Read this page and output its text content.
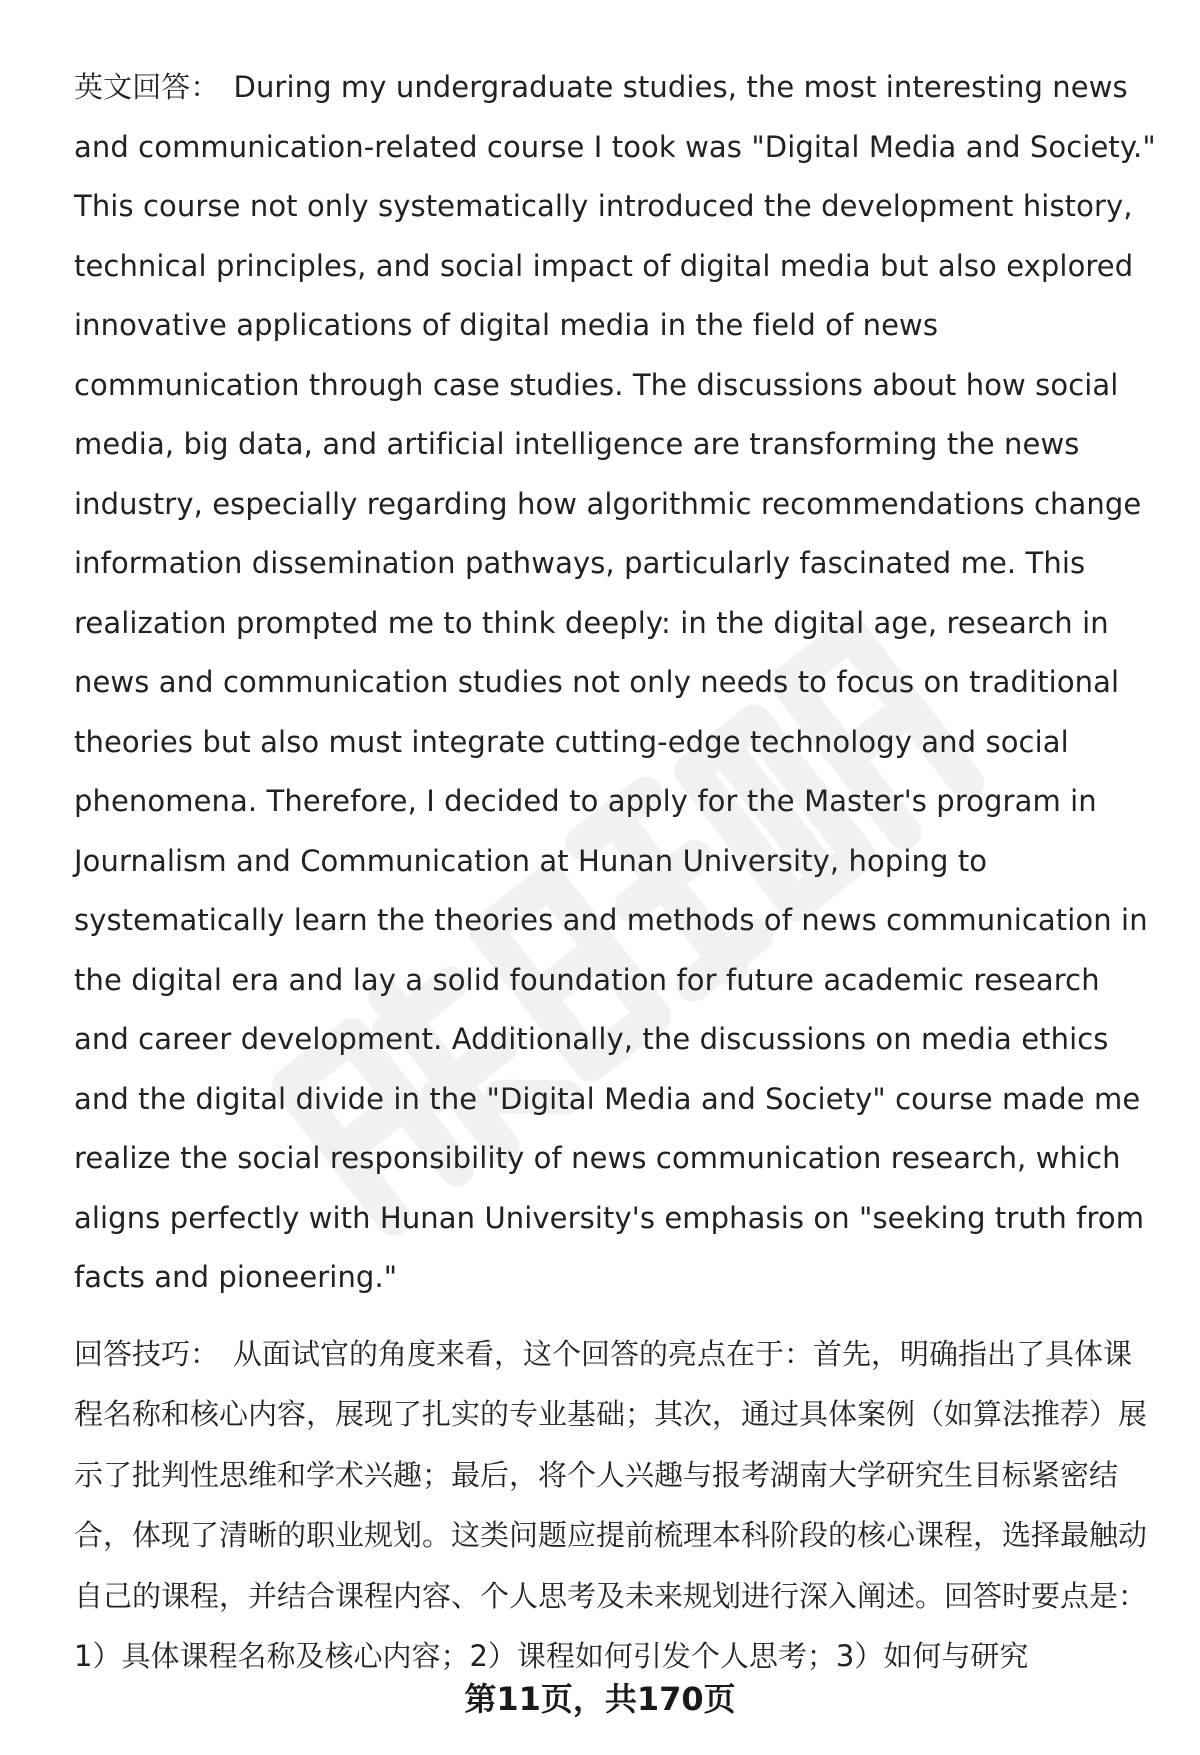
英文回答： During my undergraduate studies, the most interesting news and communication-related course I took was "Digital Media and Society." This course not only systematically introduced the development history, technical principles, and social impact of digital media but also explored innovative applications of digital media in the field of news communication through case studies. The discussions about how social media, big data, and artificial intelligence are transforming the news industry, especially regarding how algorithmic recommendations change information dissemination pathways, particularly fascinated me. This realization prompted me to think deeply: in the digital age, research in news and communication studies not only needs to focus on traditional theories but also must integrate cutting-edge technology and social phenomena. Therefore, I decided to apply for the Master's program in Journalism and Communication at Hunan University, hoping to systematically learn the theories and methods of news communication in the digital era and lay a solid foundation for future academic research and career development. Additionally, the discussions on media ethics and the digital divide in the "Digital Media and Society" course made me realize the social responsibility of news communication research, which aligns perfectly with Hunan University's emphasis on "seeking truth from facts and pioneering."

回答技巧： 从面试官的角度来看，这个回答的亮点在于：首先，明确指出了具体课程名称和核心内容，展现了扎实的专业基础；其次，通过具体案例（如算法推荐）展示了批判性思维和学术兴趣；最后，将个人兴趣与报考湖南大学研究生目标紧密结合，体现了清晰的职业规划。这类问题应提前梳理本科阶段的核心课程，选择最触动自己的课程，并结合课程内容、个人思考及未来规划进行深入阐述。回答时要点是：1）具体课程名称及核心内容；2）课程如何引发个人思考；3）如何与研究

第11页，共170页
